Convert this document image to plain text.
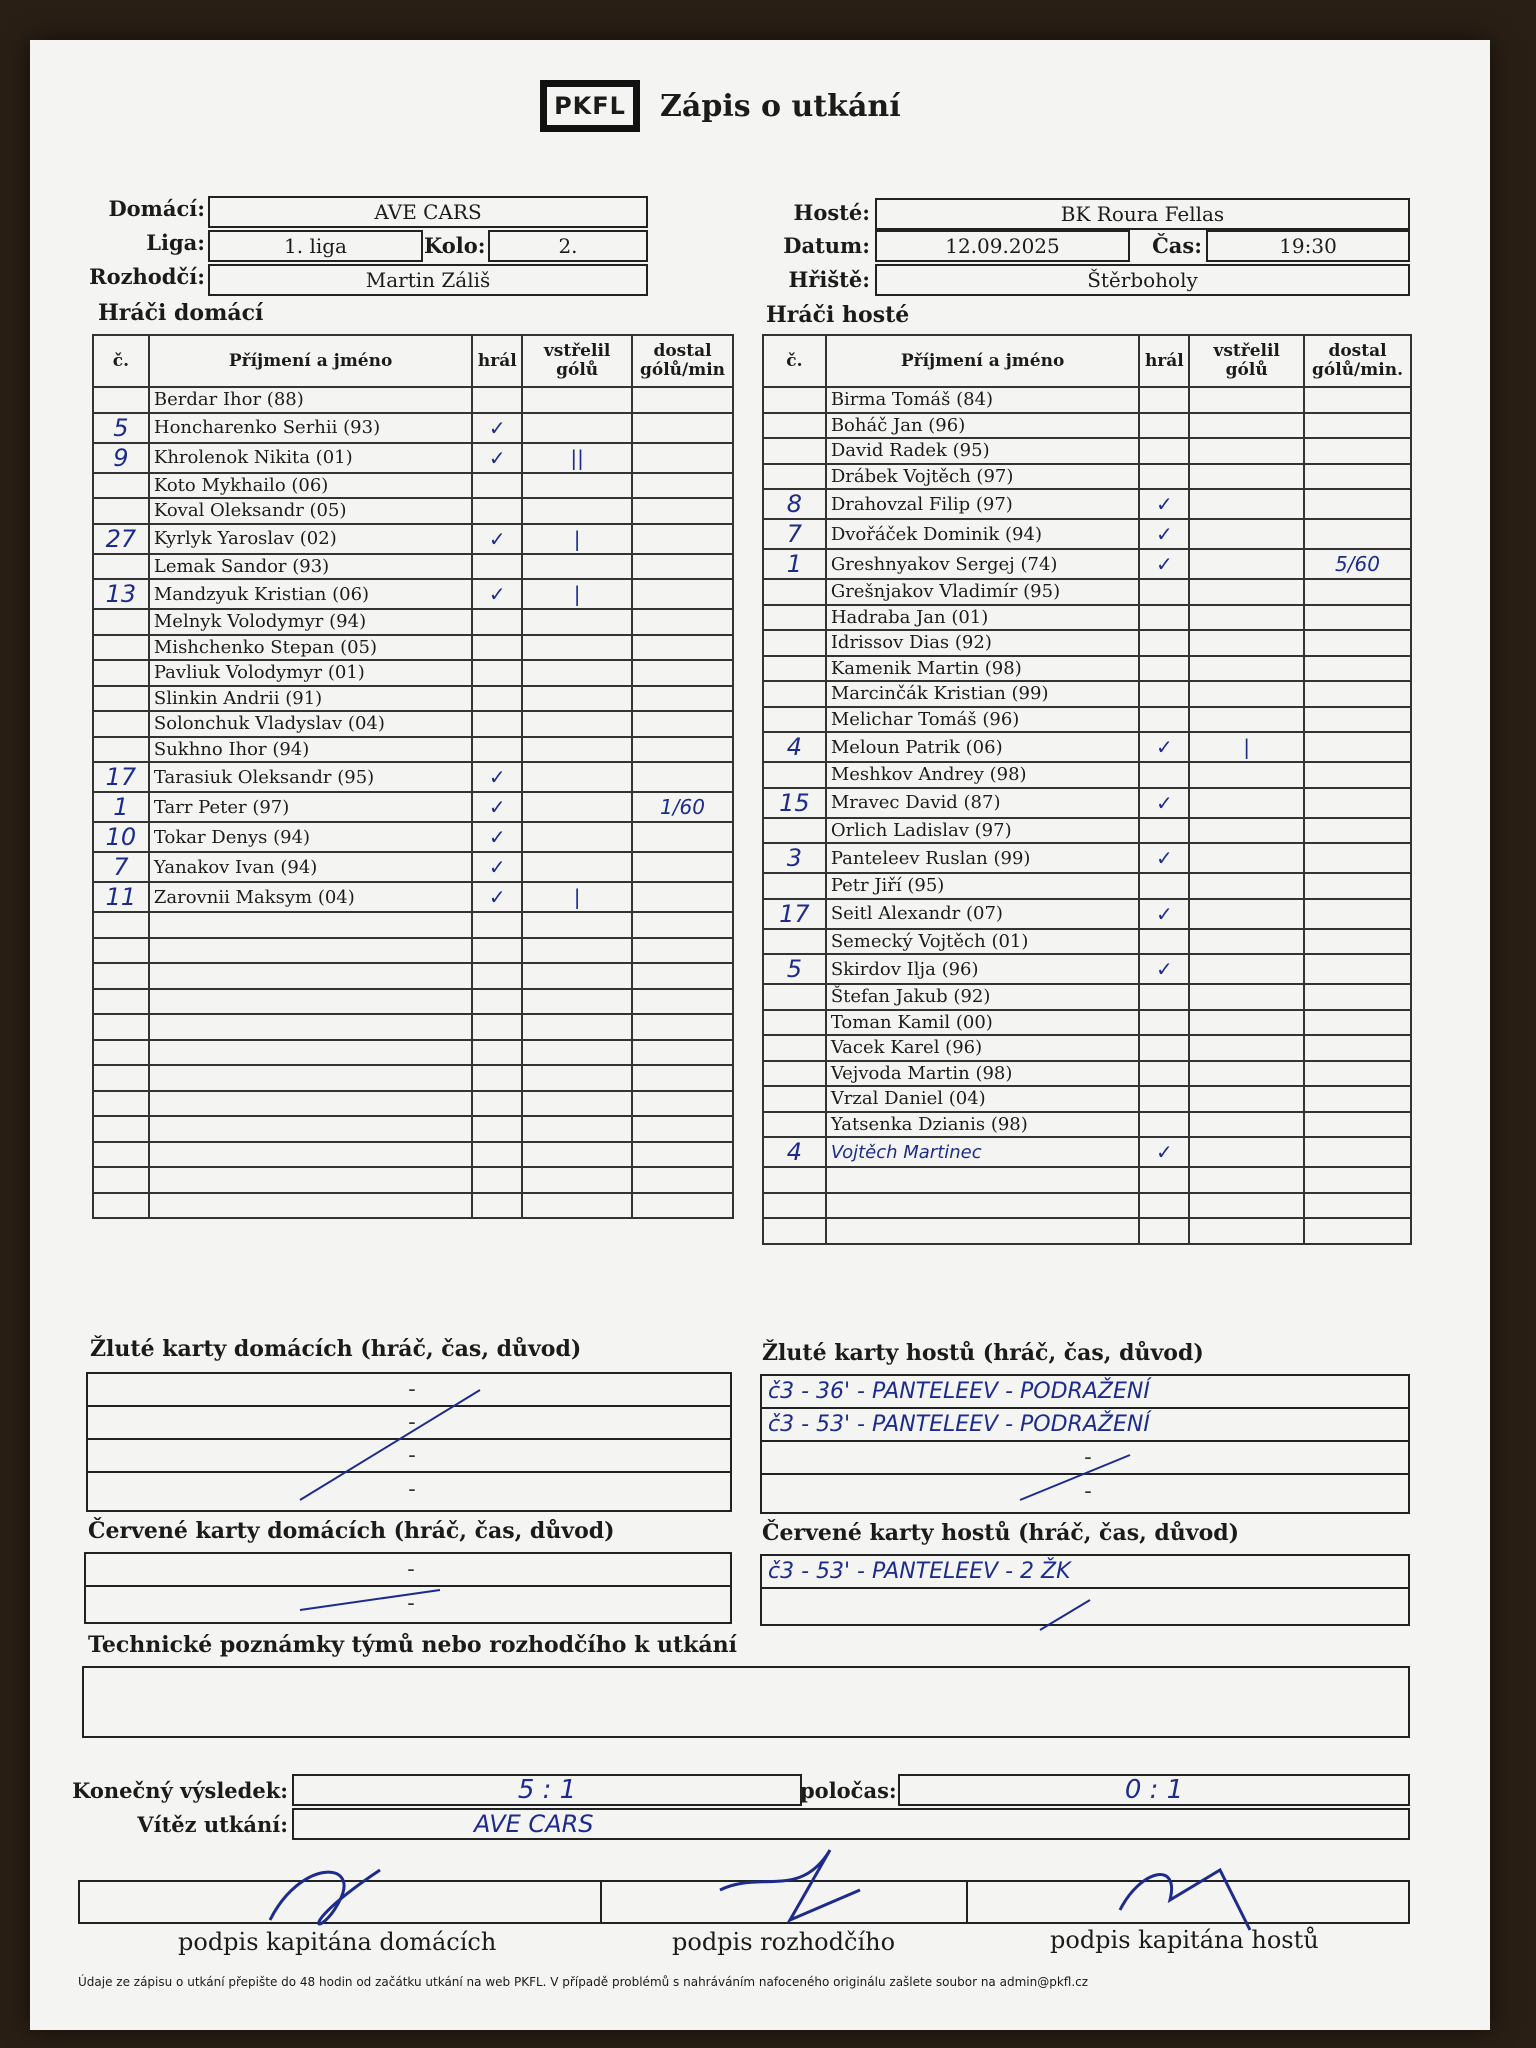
PKFL	Zápis o utkání
Domácí:	AVE CARS
Liga:	1. liga	Kolo:	2.
Rozhodčí:	Martin Záliš
Hosté:	BK Roura Fellas
Datum:	12.09.2025	Čas:	19:30
Hřiště:	Štěrboholy
Hráči domácí	Hráči hosté
č.	Příjmení a jméno	hrál	vstřelil gólů	dostal gólů/min
	Berdar Ihor (88)			
5	Honcharenko Serhii (93)	✓		
9	Khrolenok Nikita (01)	✓	||	
	Koto Mykhailo (06)			
	Koval Oleksandr (05)			
27	Kyrlyk Yaroslav (02)	✓	|	
	Lemak Sandor (93)			
13	Mandzyuk Kristian (06)	✓	|	
	Melnyk Volodymyr (94)			
	Mishchenko Stepan (05)			
	Pavliuk Volodymyr (01)			
	Slinkin Andrii (91)			
	Solonchuk Vladyslav (04)			
	Sukhno Ihor (94)			
17	Tarasiuk Oleksandr (95)	✓		
1	Tarr Peter (97)	✓		1/60
10	Tokar Denys (94)	✓		
7	Yanakov Ivan (94)	✓		
11	Zarovnii Maksym (04)	✓	|	

č.	Příjmení a jméno	hrál	vstřelil gólů	dostal gólů/min.
	Birma Tomáš (84)			
	Boháč Jan (96)			
	David Radek (95)			
	Drábek Vojtěch (97)			
8	Drahovzal Filip (97)	✓		
7	Dvořáček Dominik (94)	✓		
1	Greshnyakov Sergej (74)	✓		5/60
	Grešnjakov Vladimír (95)			
	Hadraba Jan (01)			
	Idrissov Dias (92)			
	Kamenik Martin (98)			
	Marcinčák Kristian (99)			
	Melichar Tomáš (96)			
4	Meloun Patrik (06)	✓	|	
	Meshkov Andrey (98)			
15	Mravec David (87)	✓		
	Orlich Ladislav (97)			
3	Panteleev Ruslan (99)	✓		
	Petr Jiří (95)			
17	Seitl Alexandr (07)	✓		
	Semecký Vojtěch (01)			
5	Skirdov Ilja (96)	✓		
	Štefan Jakub (92)			
	Toman Kamil (00)			
	Vacek Karel (96)			
	Vejvoda Martin (98)			
	Vrzal Daniel (04)			
	Yatsenka Dzianis (98)			
4	Vojtěch Martinec	✓		

Žluté karty domácích (hráč, čas, důvod)
-
-
-
-
Žluté karty hostů (hráč, čas, důvod)
č3 - 36' - PANTELEEV - PODRAŽENÍ
č3 - 53' - PANTELEEV - PODRAŽENÍ
-
-
Červené karty domácích (hráč, čas, důvod)
-
-
Červené karty hostů (hráč, čas, důvod)
č3 - 53' - PANTELEEV - 2 ŽK
Technické poznámky týmů nebo rozhodčího k utkání
Konečný výsledek:	5 : 1	poločas:	0 : 1
Vítěz utkání:	AVE CARS
podpis kapitána domácích	podpis rozhodčího	podpis kapitána hostů
Údaje ze zápisu o utkání přepište do 48 hodin od začátku utkání na web PKFL. V případě problémů s nahráváním nafoceného originálu zašlete soubor na admin@pkfl.cz
